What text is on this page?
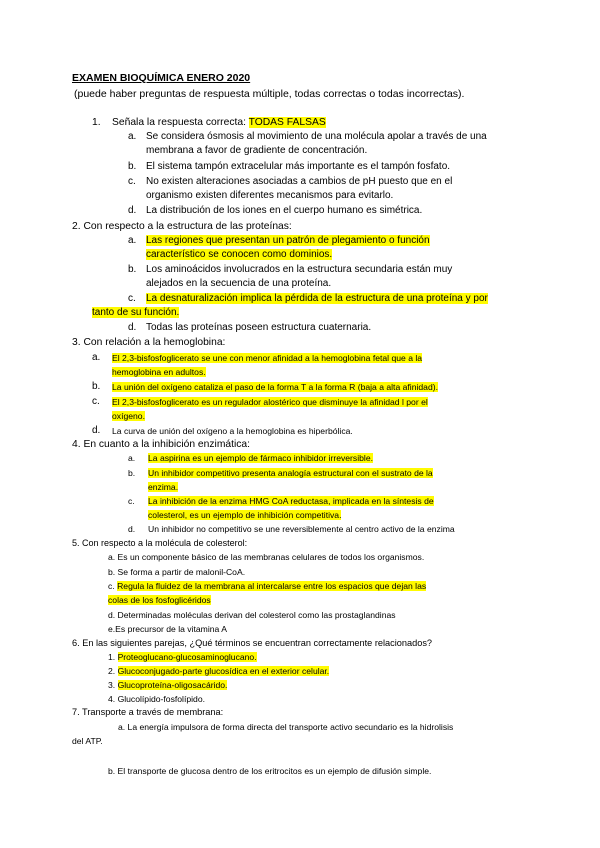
EXAMEN BIOQUÍMICA ENERO 2020
(puede haber preguntas de respuesta múltiple, todas correctas o todas incorrectas).
1. Señala la respuesta correcta: TODAS FALSAS
a. Se considera ósmosis al movimiento de una molécula apolar a través de una
membrana a favor de gradiente de concentración.
b. El sistema tampón extracelular más importante es el tampón fosfato.
c.	No existen alteraciones asociadas a cambios de pH puesto que en el
organismo existen diferentes mecanismos para evitarlo.
d. La distribución de los iones en el cuerpo humano es simétrica.
2. Con respecto a la estructura de las proteínas:
a. Las regiones que presentan un patrón de plegamiento o función
característico se conocen como dominios.
b. Los aminoácidos involucrados en la estructura secundaria están muy
alejados en la secuencia de una proteína.
c.	La desnaturalización implica la pérdida de la estructura de una proteína y por
tanto de su función.
d. Todas las proteínas poseen estructura cuaternaria.
3. Con relación a la hemoglobina:
a.	El 2,3-bisfosfoglicerato se une con menor afinidad a la hemoglobina fetal que a la
hemoglobina en adultos.
b.	La unión del oxígeno cataliza el paso de la forma T a la forma R (baja a alta afinidad).
c.	El 2,3-bisfosfoglicerato es un regulador alostérico que disminuye la afinidad l por el
oxígeno.
d.	La curva de unión del oxígeno a la hemoglobina es hiperbólica.
4. En cuanto a la inhibición enzimática:
a.	La aspirina es un ejemplo de fármaco inhibidor irreversible.
b.	Un inhibidor competitivo presenta analogía estructural con el sustrato de la
enzima.
c.	La inhibición de la enzima HMG CoA reductasa, implicada en la síntesis de
colesterol, es un ejemplo de inhibición competitiva.
d.	Un inhibidor no competitivo se une reversiblemente al centro activo de la enzima
5. Con respecto a la molécula de colesterol:
a. Es un componente básico de las membranas celulares de todos los organismos.
b. Se forma a partir de malonil-CoA.
c. Regula la fluidez de la membrana al intercalarse entre los espacios que dejan las
colas de los fosfoglicéridos
d. Determinadas moléculas derivan del colesterol como las prostaglandinas
e.Es precursor de la vitamina A
6. En las siguientes parejas, ¿Qué términos se encuentran correctamente relacionados?
1. Proteoglucano-glucosaminoglucano.
2. Glucoconjugado-parte glucosídica en el exterior celular.
3. Glucoproteína-oligosacárido.
4. Glucolípido-fosfolípido.
7. Transporte a través de membrana:
a. La energía impulsora de forma directa del transporte activo secundario es la hidrolisis
del ATP.
b. El transporte de glucosa dentro de los eritrocitos es un ejemplo de difusión simple.
